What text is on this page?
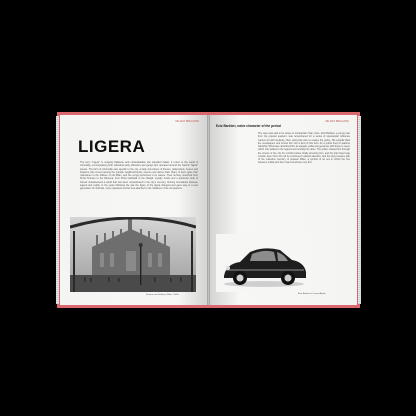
MILANO BRIGANTE
LIGERA
The term "Ligera" is uniquely Milanese and untranslatable into standard Italian. It refers to the world of criminality, encompassing both individual petty offenders and gangs who operated around the historic "ligéra" streets. The form of criminality was specific to the city, a daily sub-culture of thieves, pickpockets, fences and brawlers who moved among the popular neighbourhoods, taverns and dance halls. Many of them gave their nicknames to the folklore of old Milan, and the songs performed in its osterie. Their territory stretched from Porta Ticinese to the Darsena, from Porta Garibaldi to the Navigli. Loyalty, rivalry and a particular code of honour characterised a world that has been romanticised in the city's memory, blurring boundaries between legend and reality. In the years following the war the figure of the ligera changed and gave way to a new generation of criminals, more organised and far less attached to the traditions of the old quarters.
Duomo and Galleria, Milan, 1940s
MILANO BRIGANTE
Ezio Barbieri, naïve character of the period
The case was said to be closer to romanticism than crime. Ezio Barbieri, a young man from the popular quarters, was remembered for a series of spectacular robberies carried out with audacity, often using fast cars to escape the police. His exploits filled the newspapers and turned him into a kind of folk hero for a public tired of wartime hardship. Witnesses described him as elegant, polite and generous with those in need, which only added to the legend surrounding his name. The police chased him through the streets of the city for months before finally arresting him, and his trial drew huge crowds. Even from his cell he continued to attract attention, and his story became part of the collective memory of postwar Milan, a symbol of an era in which the line between outlaw and hero was sometimes very thin.
Ezio Barbieri's Lancia Aprilia
